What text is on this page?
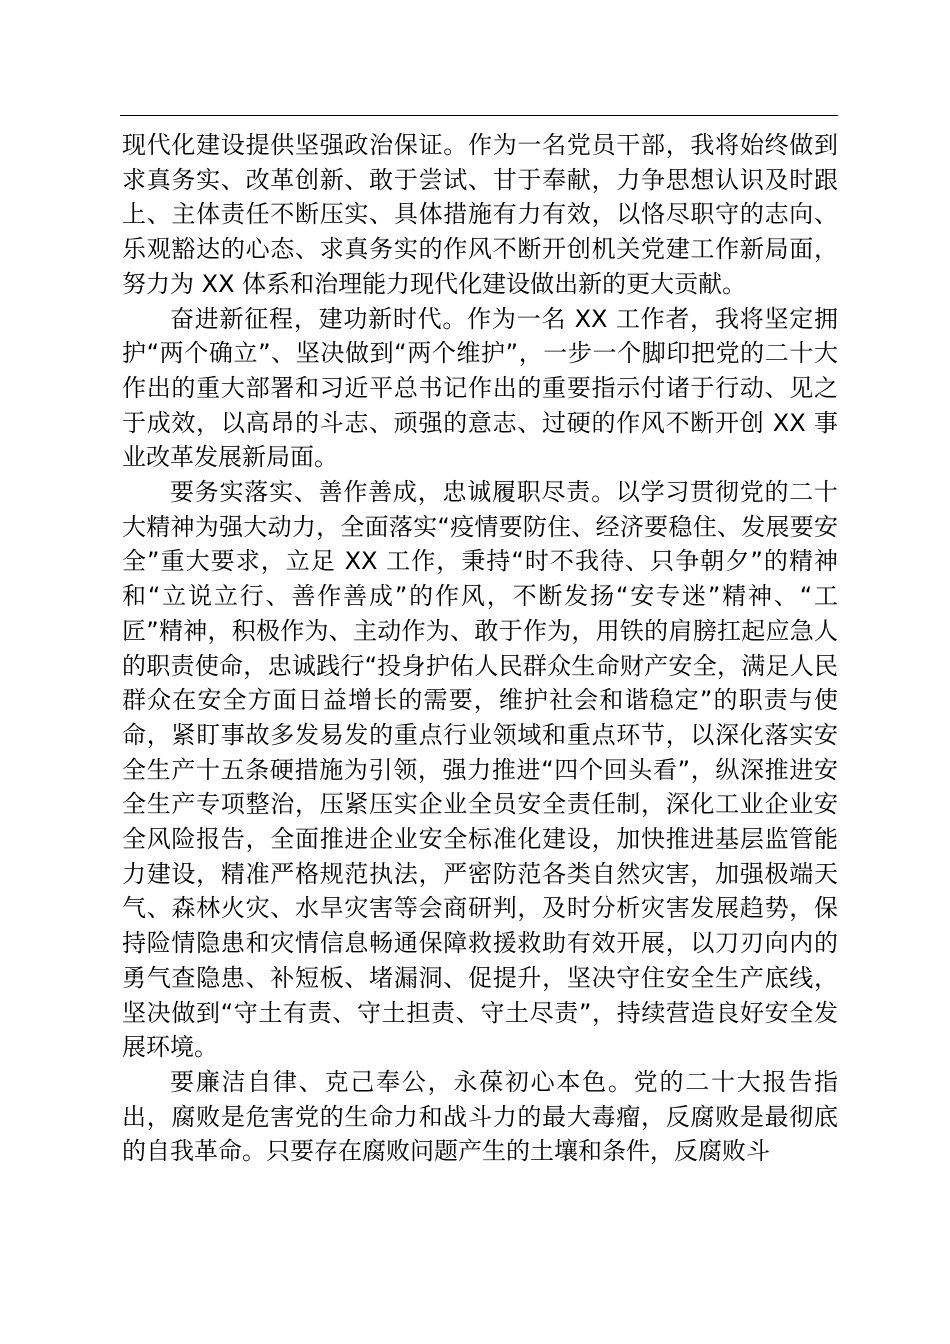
现代化建设提供坚强政治保证。作为一名党员干部，我将始终做到求真务实、改革创新、敢于尝试、甘于奉献，力争思想认识及时跟上、主体责任不断压实、具体措施有力有效，以恪尽职守的志向、乐观豁达的心态、求真务实的作风不断开创机关党建工作新局面，努力为 XX 体系和治理能力现代化建设做出新的更大贡献。

奋进新征程，建功新时代。作为一名 XX 工作者，我将坚定拥护“两个确立”、坚决做到“两个维护”，一步一个脚印把党的二十大作出的重大部署和习近平总书记作出的重要指示付诸于行动、见之于成效，以高昂的斗志、顽强的意志、过硬的作风不断开创 XX 事业改革发展新局面。

要务实落实、善作善成，忠诚履职尽责。以学习贯彻党的二十大精神为强大动力，全面落实“疫情要防住、经济要稳住、发展要安全”重大要求，立足 XX 工作，秉持“时不我待、只争朝夕”的精神和“立说立行、善作善成”的作风，不断发扬“安专迷”精神、“工匠”精神，积极作为、主动作为、敢于作为，用铁的肩膀扛起应急人的职责使命，忠诚践行“投身护佑人民群众生命财产安全，满足人民群众在安全方面日益增长的需要，维护社会和谐稳定”的职责与使命，紧盯事故多发易发的重点行业领域和重点环节，以深化落实安全生产十五条硬措施为引领，强力推进“四个回头看”，纵深推进安全生产专项整治，压紧压实企业全员安全责任制，深化工业企业安全风险报告，全面推进企业安全标准化建设，加快推进基层监管能力建设，精准严格规范执法，严密防范各类自然灾害，加强极端天气、森林火灾、水旱灾害等会商研判，及时分析灾害发展趋势，保持险情隐患和灾情信息畅通保障救援救助有效开展，以刀刃向内的勇气查隐患、补短板、堵漏洞、促提升，坚决守住安全生产底线，坚决做到“守土有责、守土担责、守土尽责”，持续营造良好安全发展环境。

要廉洁自律、克己奉公，永葆初心本色。党的二十大报告指出，腐败是危害党的生命力和战斗力的最大毒瘤，反腐败是最彻底的自我革命。只要存在腐败问题产生的土壤和条件，反腐败斗
